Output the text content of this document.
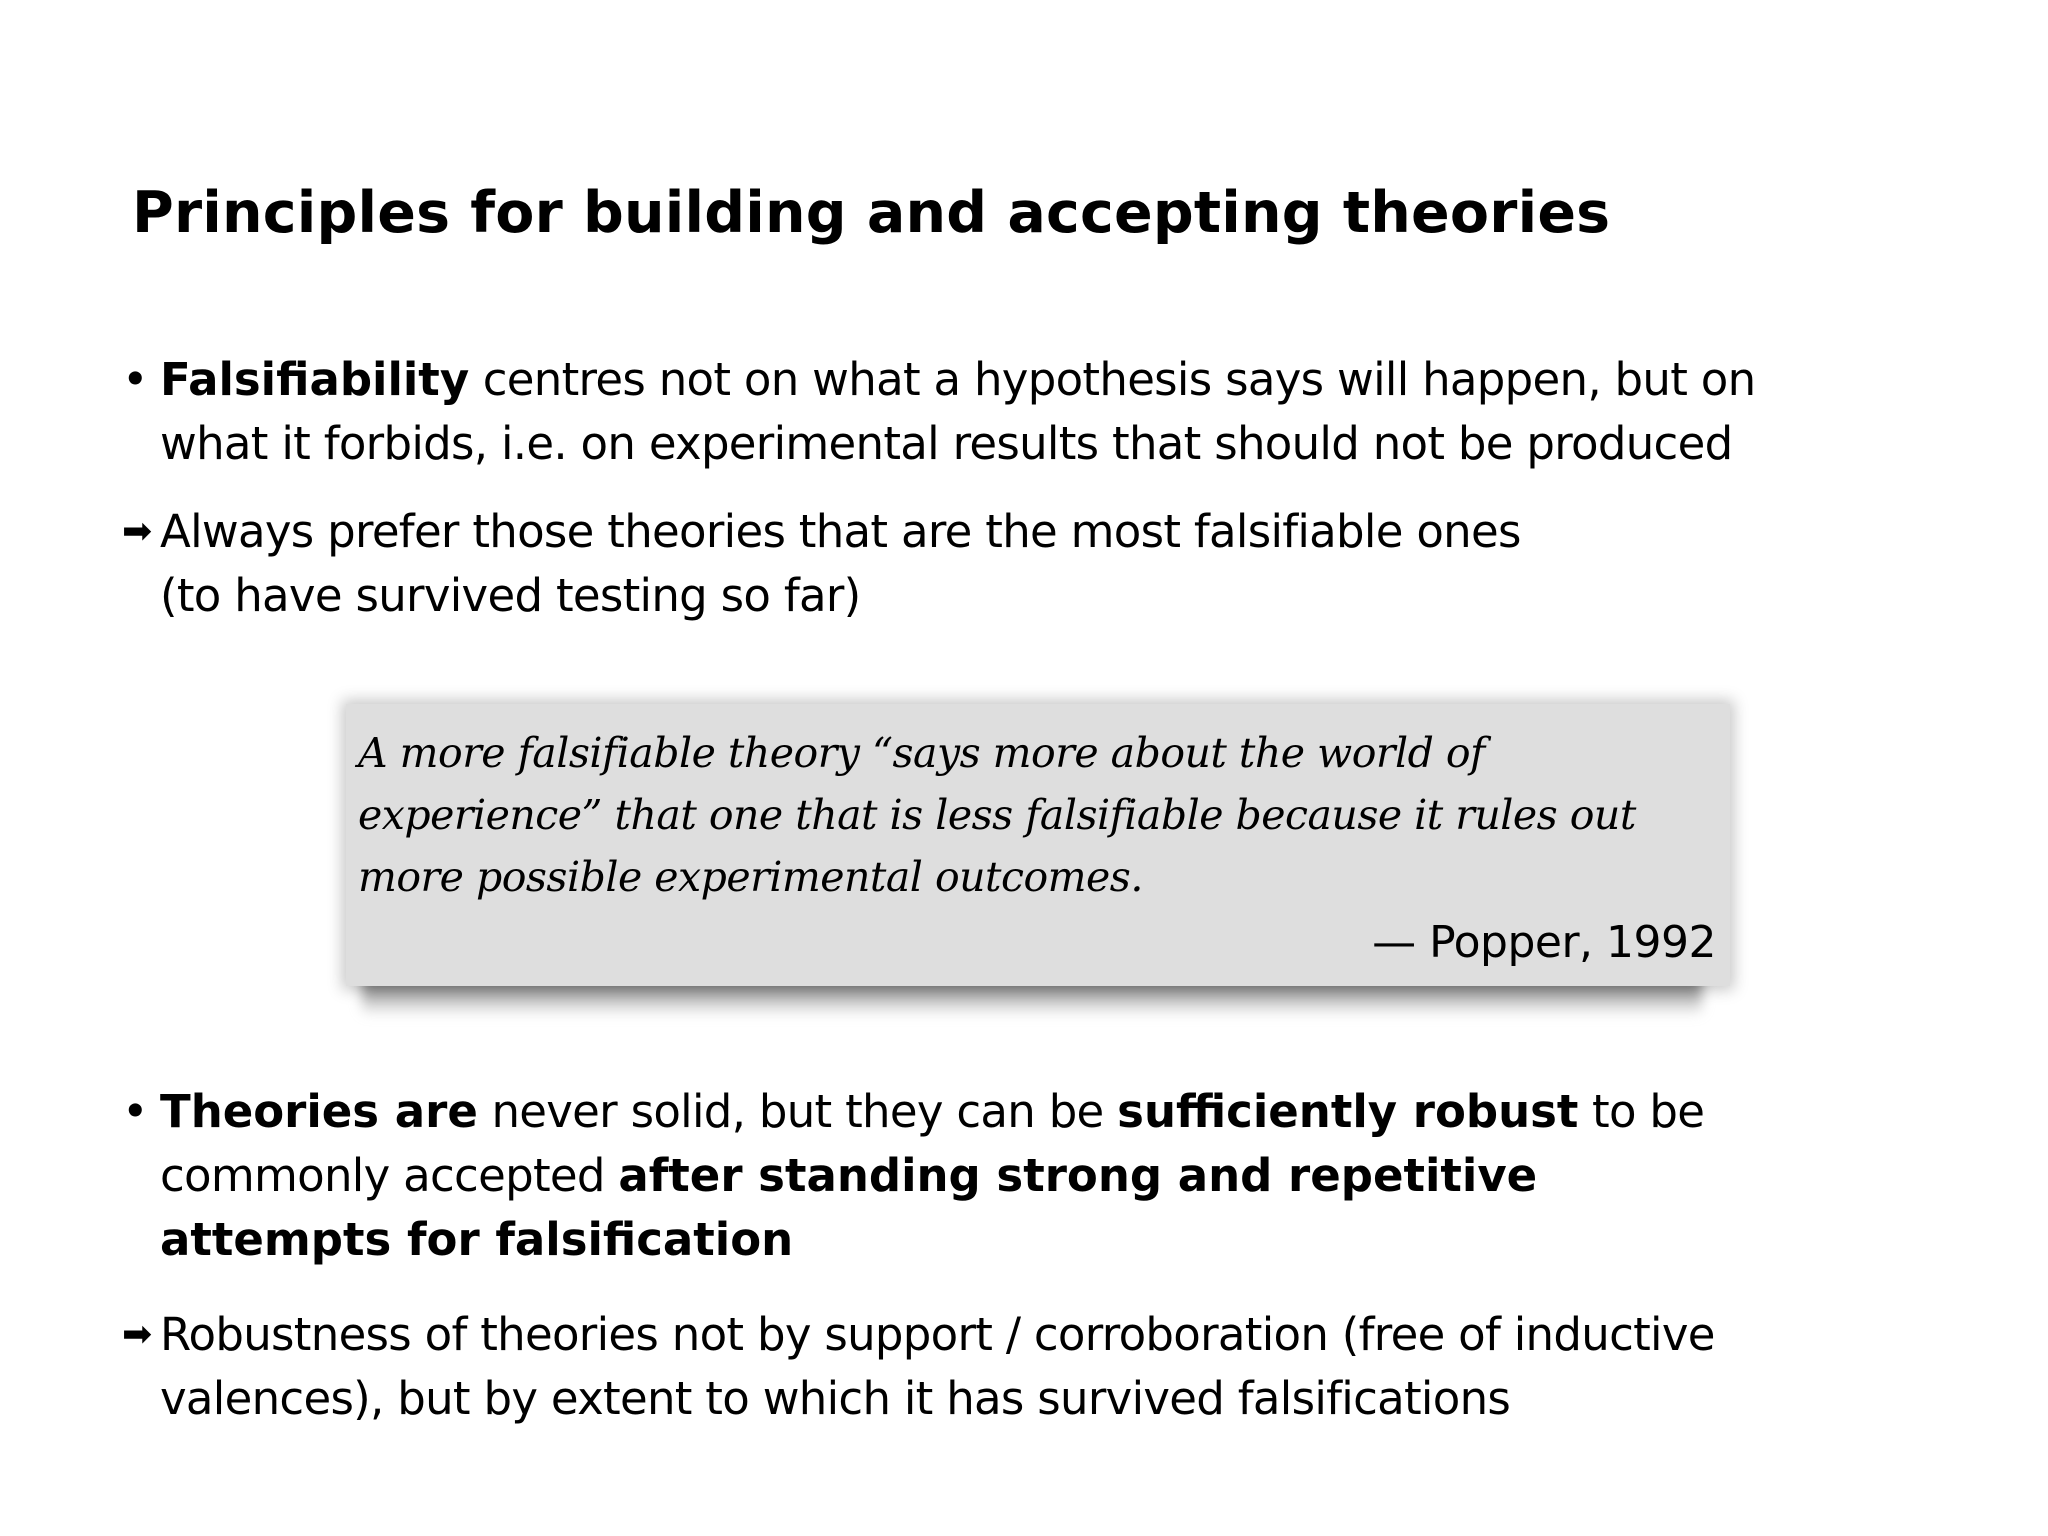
Principles for building and accepting theories
• Falsifiability centres not on what a hypothesis says will happen, but on
what it forbids, i.e. on experimental results that should not be produced
➡ Always prefer those theories that are the most falsifiable ones
(to have survived testing so far)

A more falsifiable theory “says more about the world of
experience” that one that is less falsifiable because it rules out
more possible experimental outcomes.

— Popper, 1992

• Theories are never solid, but they can be sufficiently robust to be
commonly accepted after standing strong and repetitive
attempts for falsification
➡ Robustness of theories not by support / corroboration (free of inductive
valences), but by extent to which it has survived falsifications
